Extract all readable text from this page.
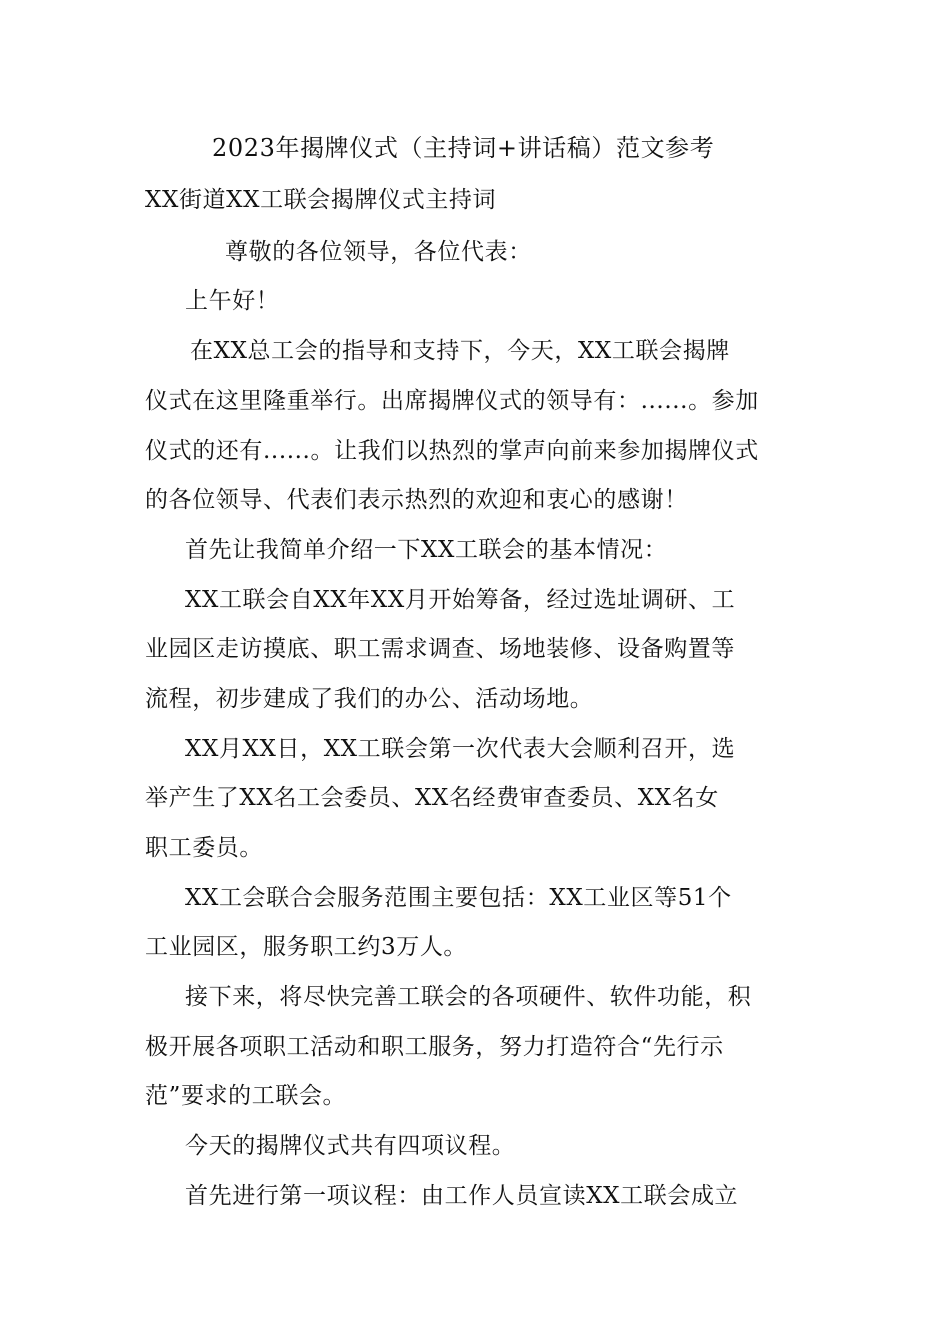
2023年揭牌仪式（主持词+讲话稿）范文参考
XX街道XX工联会揭牌仪式主持词
尊敬的各位领导，各位代表：
上午好！
在XX总工会的指导和支持下，今天，XX工联会揭牌
仪式在这里隆重举行。出席揭牌仪式的领导有：......。参加
仪式的还有......。让我们以热烈的掌声向前来参加揭牌仪式
的各位领导、代表们表示热烈的欢迎和衷心的感谢！
首先让我简单介绍一下XX工联会的基本情况：
XX工联会自XX年XX月开始筹备，经过选址调研、工
业园区走访摸底、职工需求调查、场地装修、设备购置等
流程，初步建成了我们的办公、活动场地。
XX月XX日，XX工联会第一次代表大会顺利召开，选
举产生了XX名工会委员、XX名经费审查委员、XX名女
职工委员。
XX工会联合会服务范围主要包括：XX工业区等51个
工业园区，服务职工约3万人。
接下来，将尽快完善工联会的各项硬件、软件功能，积
极开展各项职工活动和职工服务，努力打造符合“先行示
范”要求的工联会。
今天的揭牌仪式共有四项议程。
首先进行第一项议程：由工作人员宣读XX工联会成立
